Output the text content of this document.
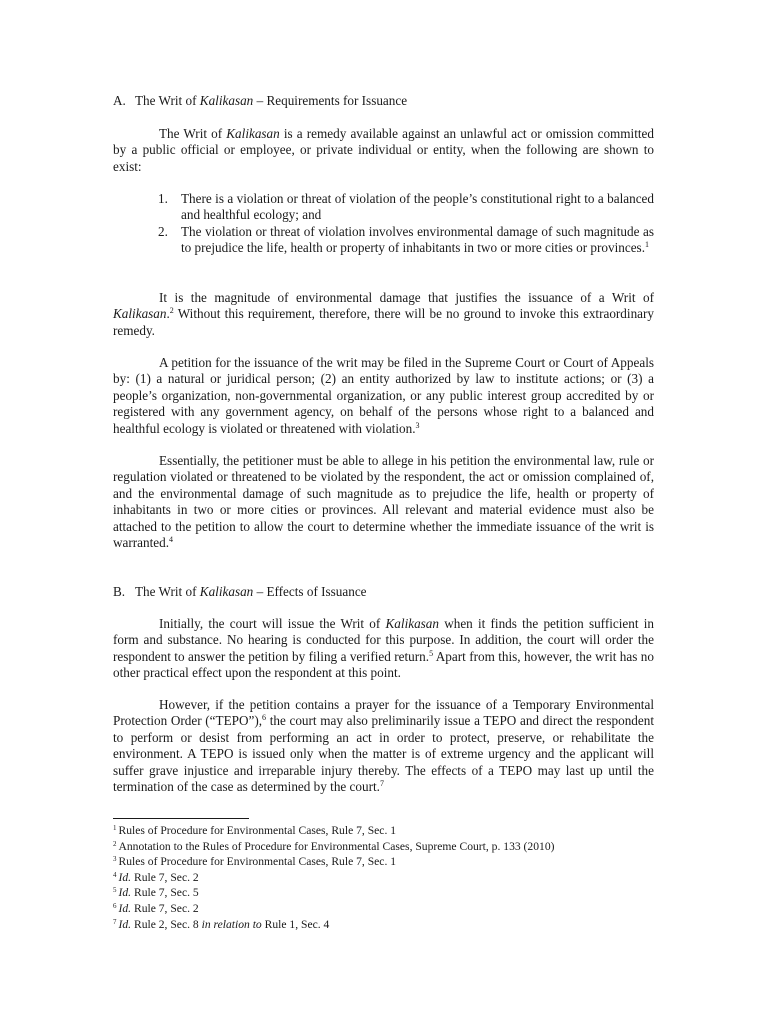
A. The Writ of Kalikasan – Requirements for Issuance

The Writ of Kalikasan is a remedy available against an unlawful act or omission committed by a public official or employee, or private individual or entity, when the following are shown to exist:

1. There is a violation or threat of violation of the people’s constitutional right to a balanced and healthful ecology; and
2. The violation or threat of violation involves environmental damage of such magnitude as to prejudice the life, health or property of inhabitants in two or more cities or provinces.$^1$

It is the magnitude of environmental damage that justifies the issuance of a Writ of Kalikasan.$^2$ Without this requirement, therefore, there will be no ground to invoke this extraordinary remedy.

A petition for the issuance of the writ may be filed in the Supreme Court or Court of Appeals by: (1) a natural or juridical person; (2) an entity authorized by law to institute actions; or (3) a people’s organization, non-governmental organization, or any public interest group accredited by or registered with any government agency, on behalf of the persons whose right to a balanced and healthful ecology is violated or threatened with violation.$^3$

Essentially, the petitioner must be able to allege in his petition the environmental law, rule or regulation violated or threatened to be violated by the respondent, the act or omission complained of, and the environmental damage of such magnitude as to prejudice the life, health or property of inhabitants in two or more cities or provinces. All relevant and material evidence must also be attached to the petition to allow the court to determine whether the immediate issuance of the writ is warranted.$^4$

B. The Writ of Kalikasan – Effects of Issuance

Initially, the court will issue the Writ of Kalikasan when it finds the petition sufficient in form and substance. No hearing is conducted for this purpose. In addition, the court will order the respondent to answer the petition by filing a verified return.$^5$ Apart from this, however, the writ has no other practical effect upon the respondent at this point.

However, if the petition contains a prayer for the issuance of a Temporary Environmental Protection Order (“TEPO”),$^6$ the court may also preliminarily issue a TEPO and direct the respondent to perform or desist from performing an act in order to protect, preserve, or rehabilitate the environment. A TEPO is issued only when the matter is of extreme urgency and the applicant will suffer grave injustice and irreparable injury thereby. The effects of a TEPO may last up until the termination of the case as determined by the court.$^7$

$^1$ Rules of Procedure for Environmental Cases, Rule 7, Sec. 1
$^2$ Annotation to the Rules of Procedure for Environmental Cases, Supreme Court, p. 133 (2010)
$^3$ Rules of Procedure for Environmental Cases, Rule 7, Sec. 1
$^4$ Id. Rule 7, Sec. 2
$^5$ Id. Rule 7, Sec. 5
$^6$ Id. Rule 7, Sec. 2
$^7$ Id. Rule 2, Sec. 8 in relation to Rule 1, Sec. 4
